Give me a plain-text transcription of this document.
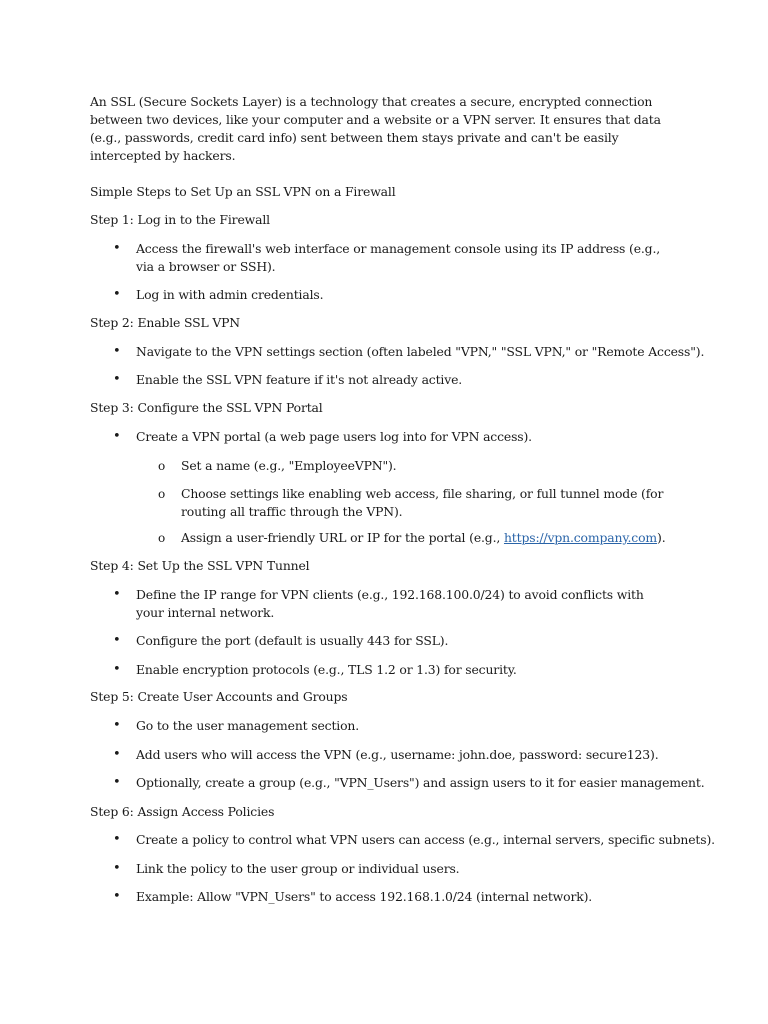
An SSL (Secure Sockets Layer) is a technology that creates a secure, encrypted connection between two devices, like your computer and a website or a VPN server. It ensures that data (e.g., passwords, credit card info) sent between them stays private and can't be easily intercepted by hackers.

Simple Steps to Set Up an SSL VPN on a Firewall

Step 1: Log in to the Firewall

• Access the firewall's web interface or management console using its IP address (e.g., via a browser or SSH).

• Log in with admin credentials.

Step 2: Enable SSL VPN

• Navigate to the VPN settings section (often labeled "VPN," "SSL VPN," or "Remote Access").

• Enable the SSL VPN feature if it's not already active.

Step 3: Configure the SSL VPN Portal

• Create a VPN portal (a web page users log into for VPN access).

o Set a name (e.g., "EmployeeVPN").

o Choose settings like enabling web access, file sharing, or full tunnel mode (for routing all traffic through the VPN).

o Assign a user-friendly URL or IP for the portal (e.g., https://vpn.company.com).

Step 4: Set Up the SSL VPN Tunnel

• Define the IP range for VPN clients (e.g., 192.168.100.0/24) to avoid conflicts with your internal network.

• Configure the port (default is usually 443 for SSL).

• Enable encryption protocols (e.g., TLS 1.2 or 1.3) for security.

Step 5: Create User Accounts and Groups

• Go to the user management section.

• Add users who will access the VPN (e.g., username: john.doe, password: secure123).

• Optionally, create a group (e.g., "VPN_Users") and assign users to it for easier management.

Step 6: Assign Access Policies

• Create a policy to control what VPN users can access (e.g., internal servers, specific subnets).

• Link the policy to the user group or individual users.

• Example: Allow "VPN_Users" to access 192.168.1.0/24 (internal network).
